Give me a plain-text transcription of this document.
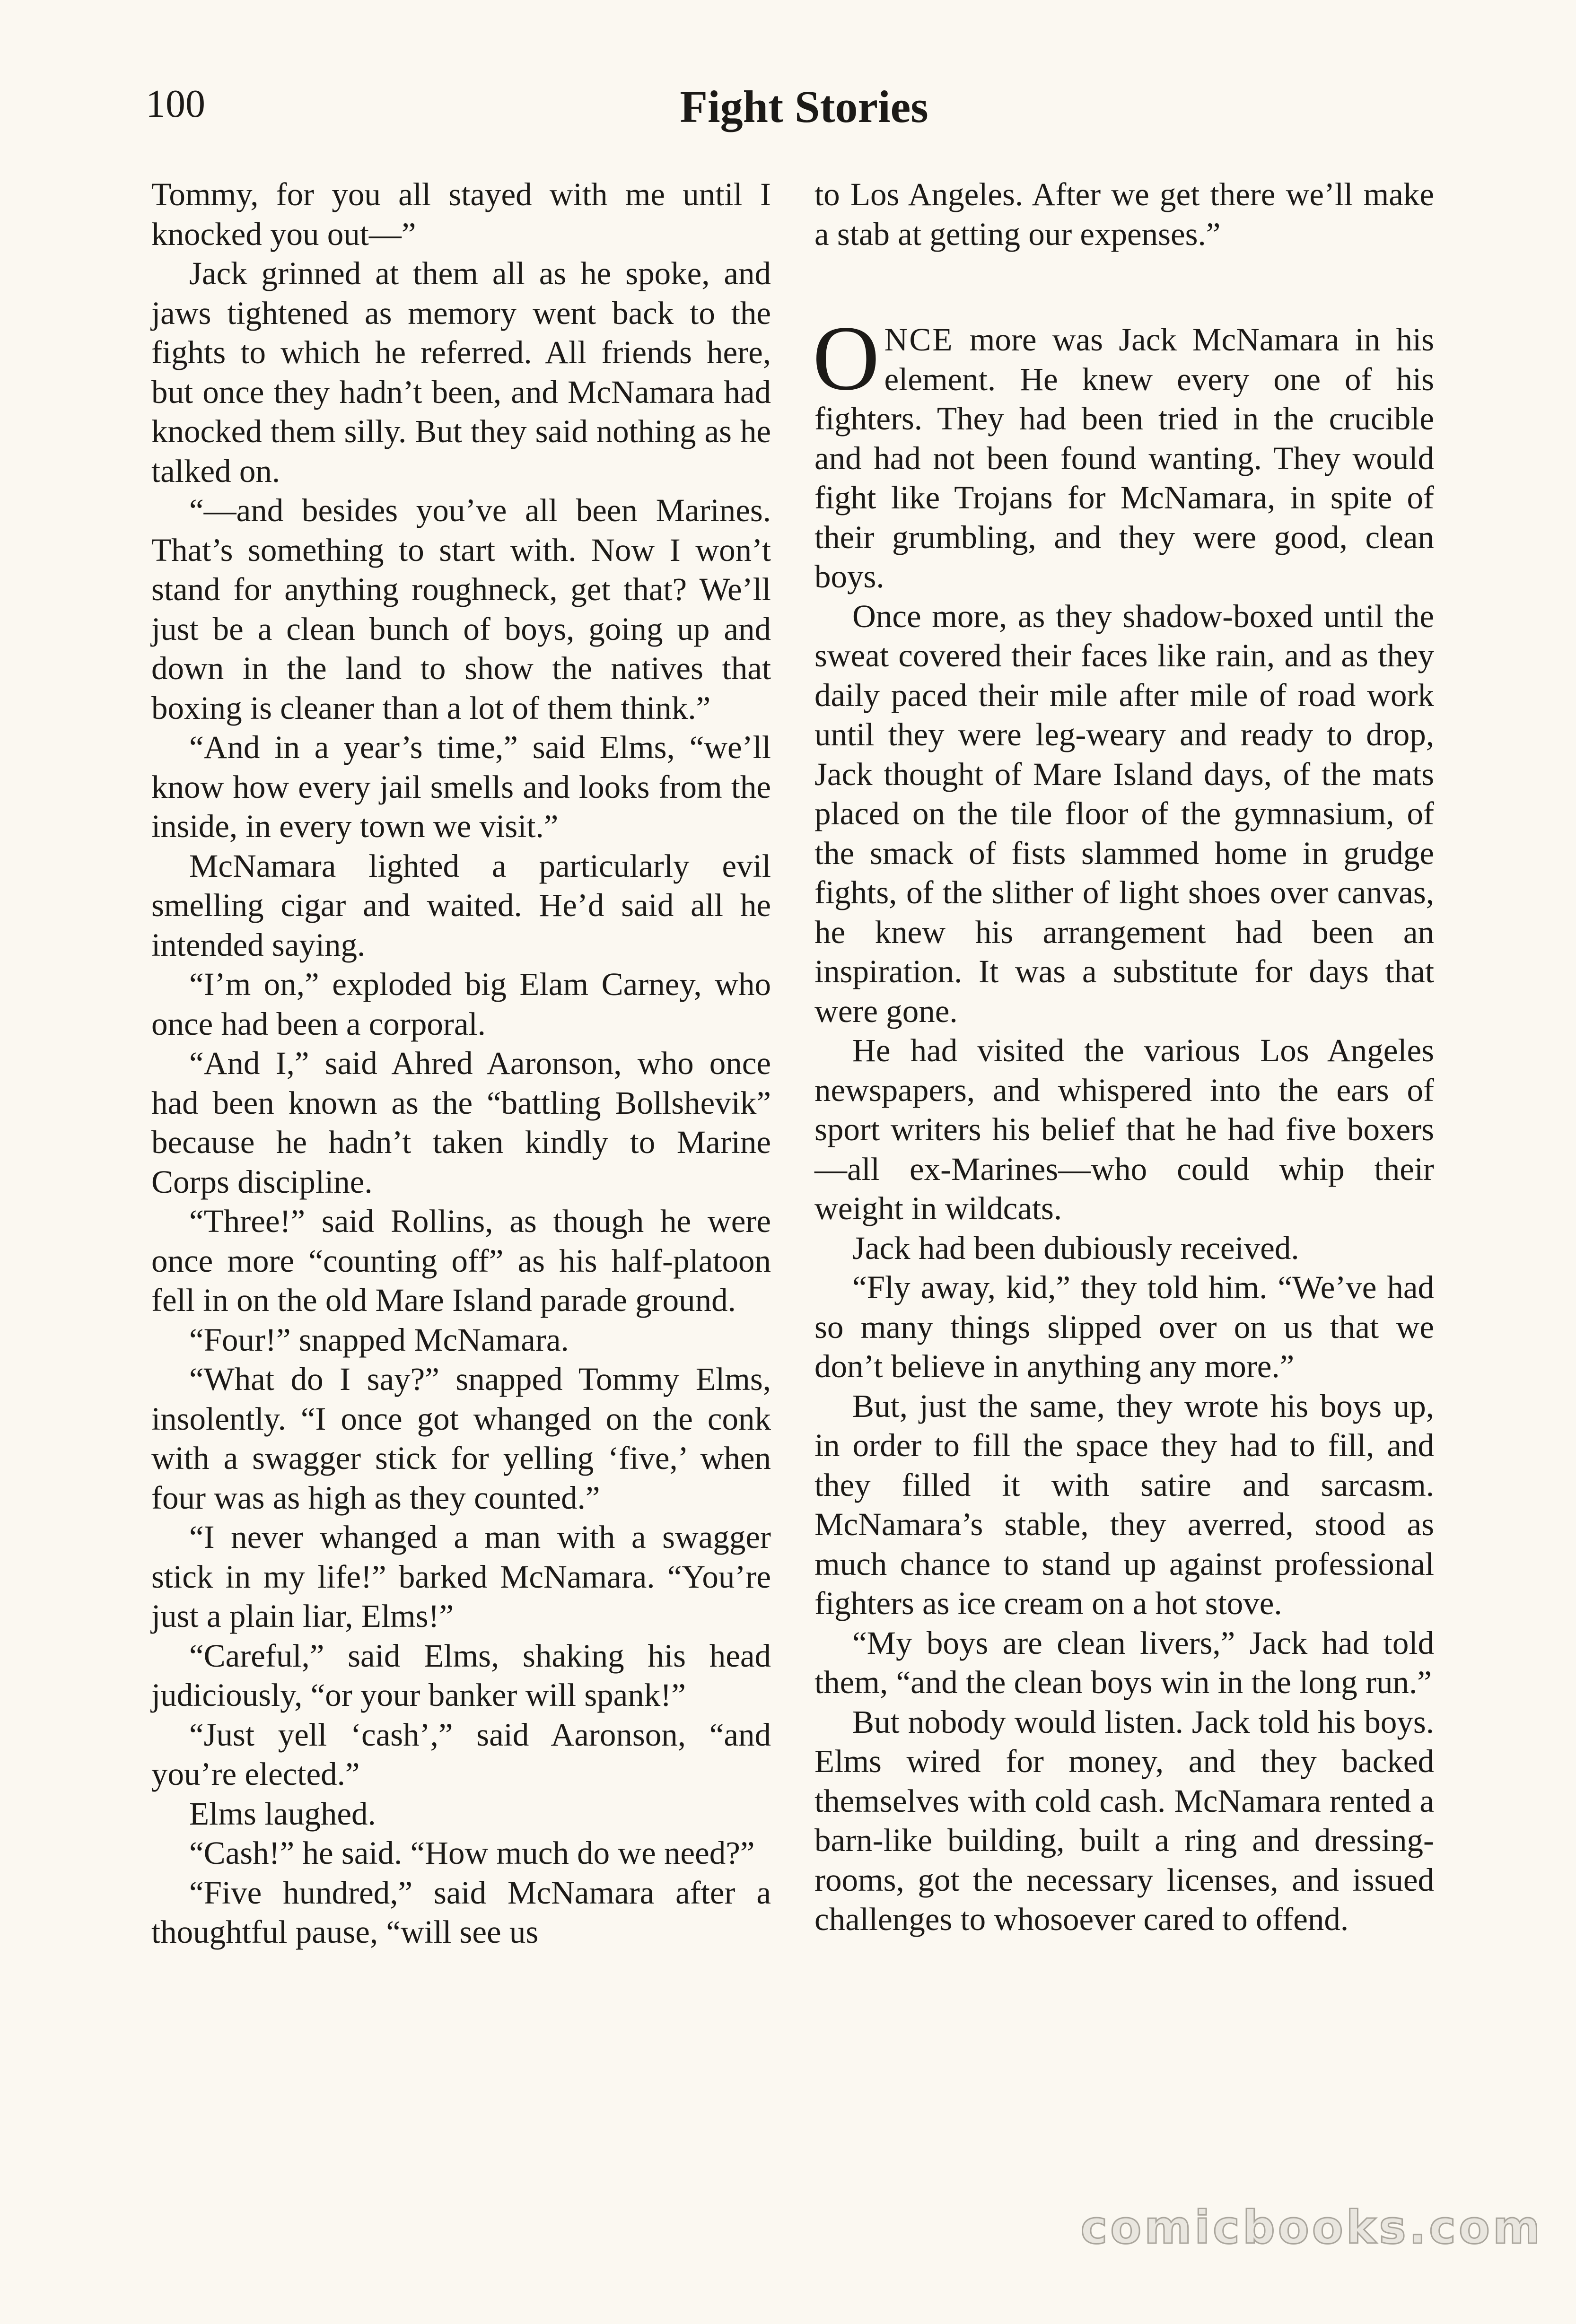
100	Fight Stories

Tommy, for you all stayed with me until I knocked you out—”

Jack grinned at them all as he spoke, and jaws tightened as memory went back to the fights to which he referred. All friends here, but once they hadn’t been, and McNamara had knocked them silly. But they said nothing as he talked on.

“—and besides you’ve all been Marines. That’s something to start with. Now I won’t stand for anything roughneck, get that? We’ll just be a clean bunch of boys, going up and down in the land to show the natives that boxing is cleaner than a lot of them think.”

“And in a year’s time,” said Elms, “we’ll know how every jail smells and looks from the inside, in every town we visit.”

McNamara lighted a particularly evil smelling cigar and waited. He’d said all he intended saying.

“I’m on,” exploded big Elam Carney, who once had been a corporal.

“And I,” said Ahred Aaronson, who once had been known as the “battling Bollshevik” because he hadn’t taken kindly to Marine Corps discipline.

“Three!” said Rollins, as though he were once more “counting off” as his half-platoon fell in on the old Mare Island parade ground.

“Four!” snapped McNamara.

“What do I say?” snapped Tommy Elms, insolently. “I once got whanged on the conk with a swagger stick for yelling ‘five,’ when four was as high as they counted.”

“I never whanged a man with a swagger stick in my life!” barked McNamara. “You’re just a plain liar, Elms!”

“Careful,” said Elms, shaking his head judiciously, “or your banker will spank!”

“Just yell ‘cash’,” said Aaronson, “and you’re elected.”

Elms laughed.

“Cash!” he said. “How much do we need?”

“Five hundred,” said McNamara after a thoughtful pause, “will see us

to Los Angeles. After we get there we’ll make a stab at getting our expenses.”

ONCE more was Jack McNamara in his element. He knew every one of his fighters. They had been tried in the crucible and had not been found wanting. They would fight like Trojans for McNamara, in spite of their grumbling, and they were good, clean boys.

Once more, as they shadow-boxed until the sweat covered their faces like rain, and as they daily paced their mile after mile of road work until they were leg-weary and ready to drop, Jack thought of Mare Island days, of the mats placed on the tile floor of the gymnasium, of the smack of fists slammed home in grudge fights, of the slither of light shoes over canvas, he knew his arrangement had been an inspiration. It was a substitute for days that were gone.

He had visited the various Los Angeles newspapers, and whispered into the ears of sport writers his belief that he had five boxers—all ex-Marines—who could whip their weight in wildcats.

Jack had been dubiously received.

“Fly away, kid,” they told him. “We’ve had so many things slipped over on us that we don’t believe in anything any more.”

But, just the same, they wrote his boys up, in order to fill the space they had to fill, and they filled it with satire and sarcasm. McNamara’s stable, they averred, stood as much chance to stand up against professional fighters as ice cream on a hot stove.

“My boys are clean livers,” Jack had told them, “and the clean boys win in the long run.”

But nobody would listen. Jack told his boys. Elms wired for money, and they backed themselves with cold cash. McNamara rented a barn-like building, built a ring and dressing-rooms, got the necessary licenses, and issued challenges to whosoever cared to offend.

comicbooks.com
